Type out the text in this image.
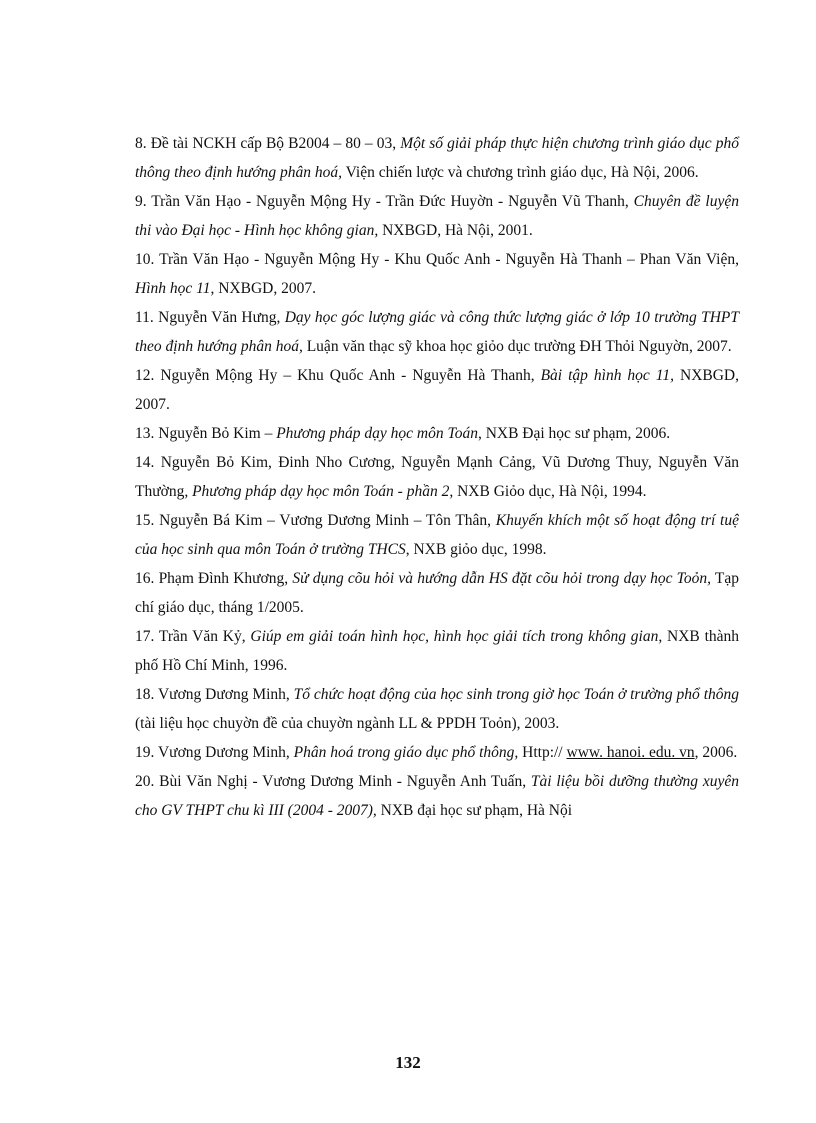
8. Đề tài NCKH cấp Bộ B2004 – 80 – 03, Một số giải pháp thực hiện chương trình giáo dục phổ thông theo định hướng phân hoá, Viện chiến lược và chương trình giáo dục, Hà Nội, 2006.

9. Trần Văn Hạo - Nguyễn Mộng Hy - Trần Đức Huyờn - Nguyễn Vũ Thanh, Chuyên đề luyện thi vào Đại học - Hình học không gian, NXBGD, Hà Nội, 2001.

10. Trần Văn Hạo - Nguyễn Mộng Hy - Khu Quốc Anh - Nguyễn Hà Thanh – Phan Văn Viện, Hình học 11, NXBGD, 2007.

11. Nguyễn Văn Hưng, Dạy học góc lượng giác và công thức lượng giác ở lớp 10 trường THPT theo định hướng phân hoá, Luận văn thạc sỹ khoa học giỏo dục trường ĐH Thỏi Nguyờn, 2007.

12. Nguyễn Mộng Hy – Khu Quốc Anh - Nguyễn Hà Thanh, Bài tập hình học 11, NXBGD, 2007.

13. Nguyễn Bỏ Kim – Phương pháp dạy học môn Toán, NXB Đại học sư phạm, 2006.

14. Nguyễn Bỏ Kim, Đinh Nho Cương, Nguyễn Mạnh Cảng, Vũ Dương Thuy, Nguyễn Văn Thường, Phương pháp dạy học môn Toán - phần 2, NXB Giỏo dục, Hà Nội, 1994.

15. Nguyễn Bá Kim – Vương Dương Minh – Tôn Thân, Khuyến khích một số hoạt động trí tuệ của học sinh qua môn Toán ở trường THCS, NXB giỏo dục, 1998.

16. Phạm Đình Khương, Sử dụng cõu hỏi và hướng dẫn HS đặt cõu hỏi trong dạy học Toỏn, Tạp chí giáo dục, tháng 1/2005.

17. Trần Văn Kỷ, Giúp em giải toán hình học, hình học giải tích trong không gian, NXB thành phố Hồ Chí Minh, 1996.

18. Vương Dương Minh, Tổ chức hoạt động của học sinh trong giờ học Toán ở trường phổ thông (tài liệu học chuyờn đề của chuyờn ngành LL & PPDH Toỏn), 2003.

19. Vương Dương Minh, Phân hoá trong giáo dục phổ thông, Http:// www. hanoi. edu. vn, 2006.

20. Bùi Văn Nghị - Vương Dương Minh - Nguyễn Anh Tuấn, Tài liệu bồi dưỡng thường xuyên cho GV THPT chu kì III (2004 - 2007), NXB đại học sư phạm, Hà Nội

132
